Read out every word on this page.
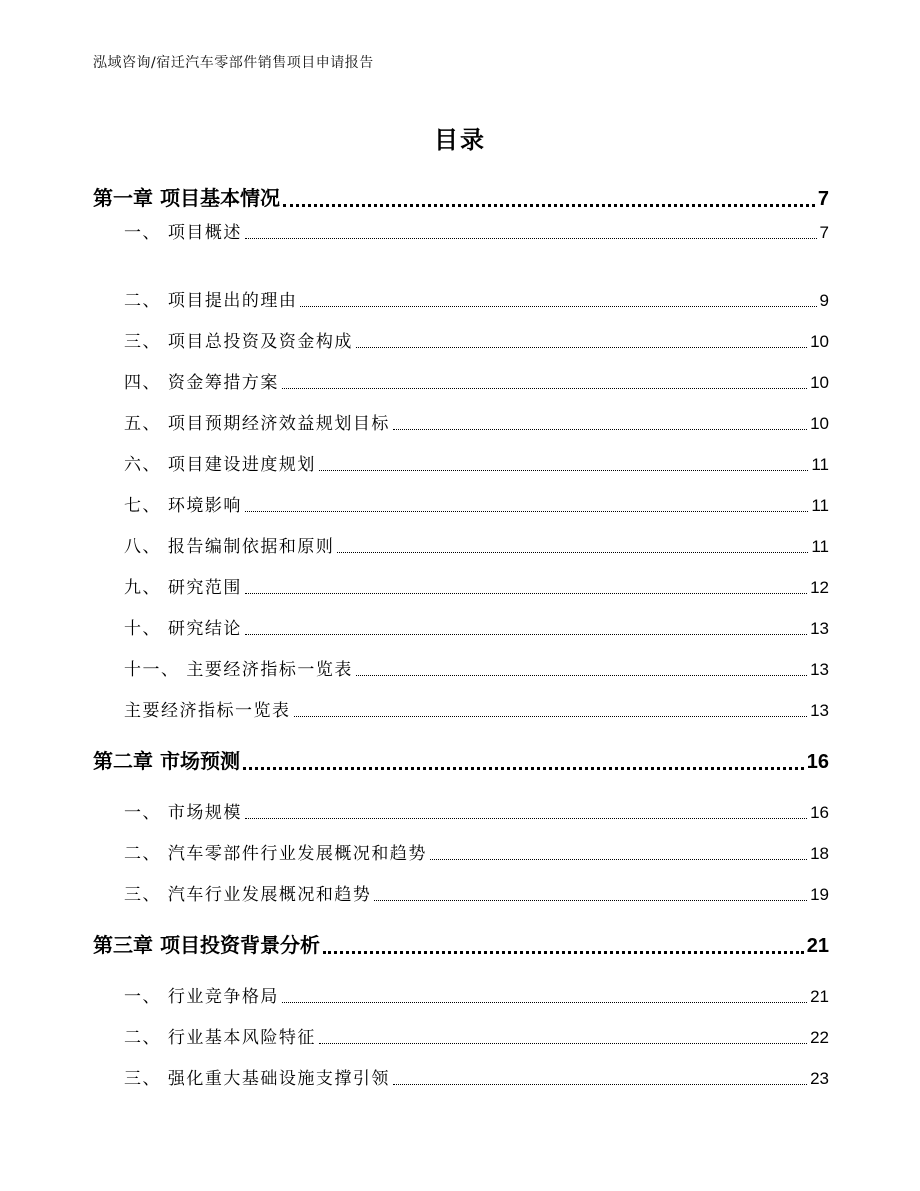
泓域咨询/宿迁汽车零部件销售项目申请报告
目录
第一章 项目基本情况	7
一、 项目概述	7
二、 项目提出的理由	9
三、 项目总投资及资金构成	10
四、 资金筹措方案	10
五、 项目预期经济效益规划目标	10
六、 项目建设进度规划	11
七、 环境影响	11
八、 报告编制依据和原则	11
九、 研究范围	12
十、 研究结论	13
十一、 主要经济指标一览表	13
主要经济指标一览表	13
第二章 市场预测	16
一、 市场规模	16
二、 汽车零部件行业发展概况和趋势	18
三、 汽车行业发展概况和趋势	19
第三章 项目投资背景分析	21
一、 行业竞争格局	21
二、 行业基本风险特征	22
三、 强化重大基础设施支撑引领	23
